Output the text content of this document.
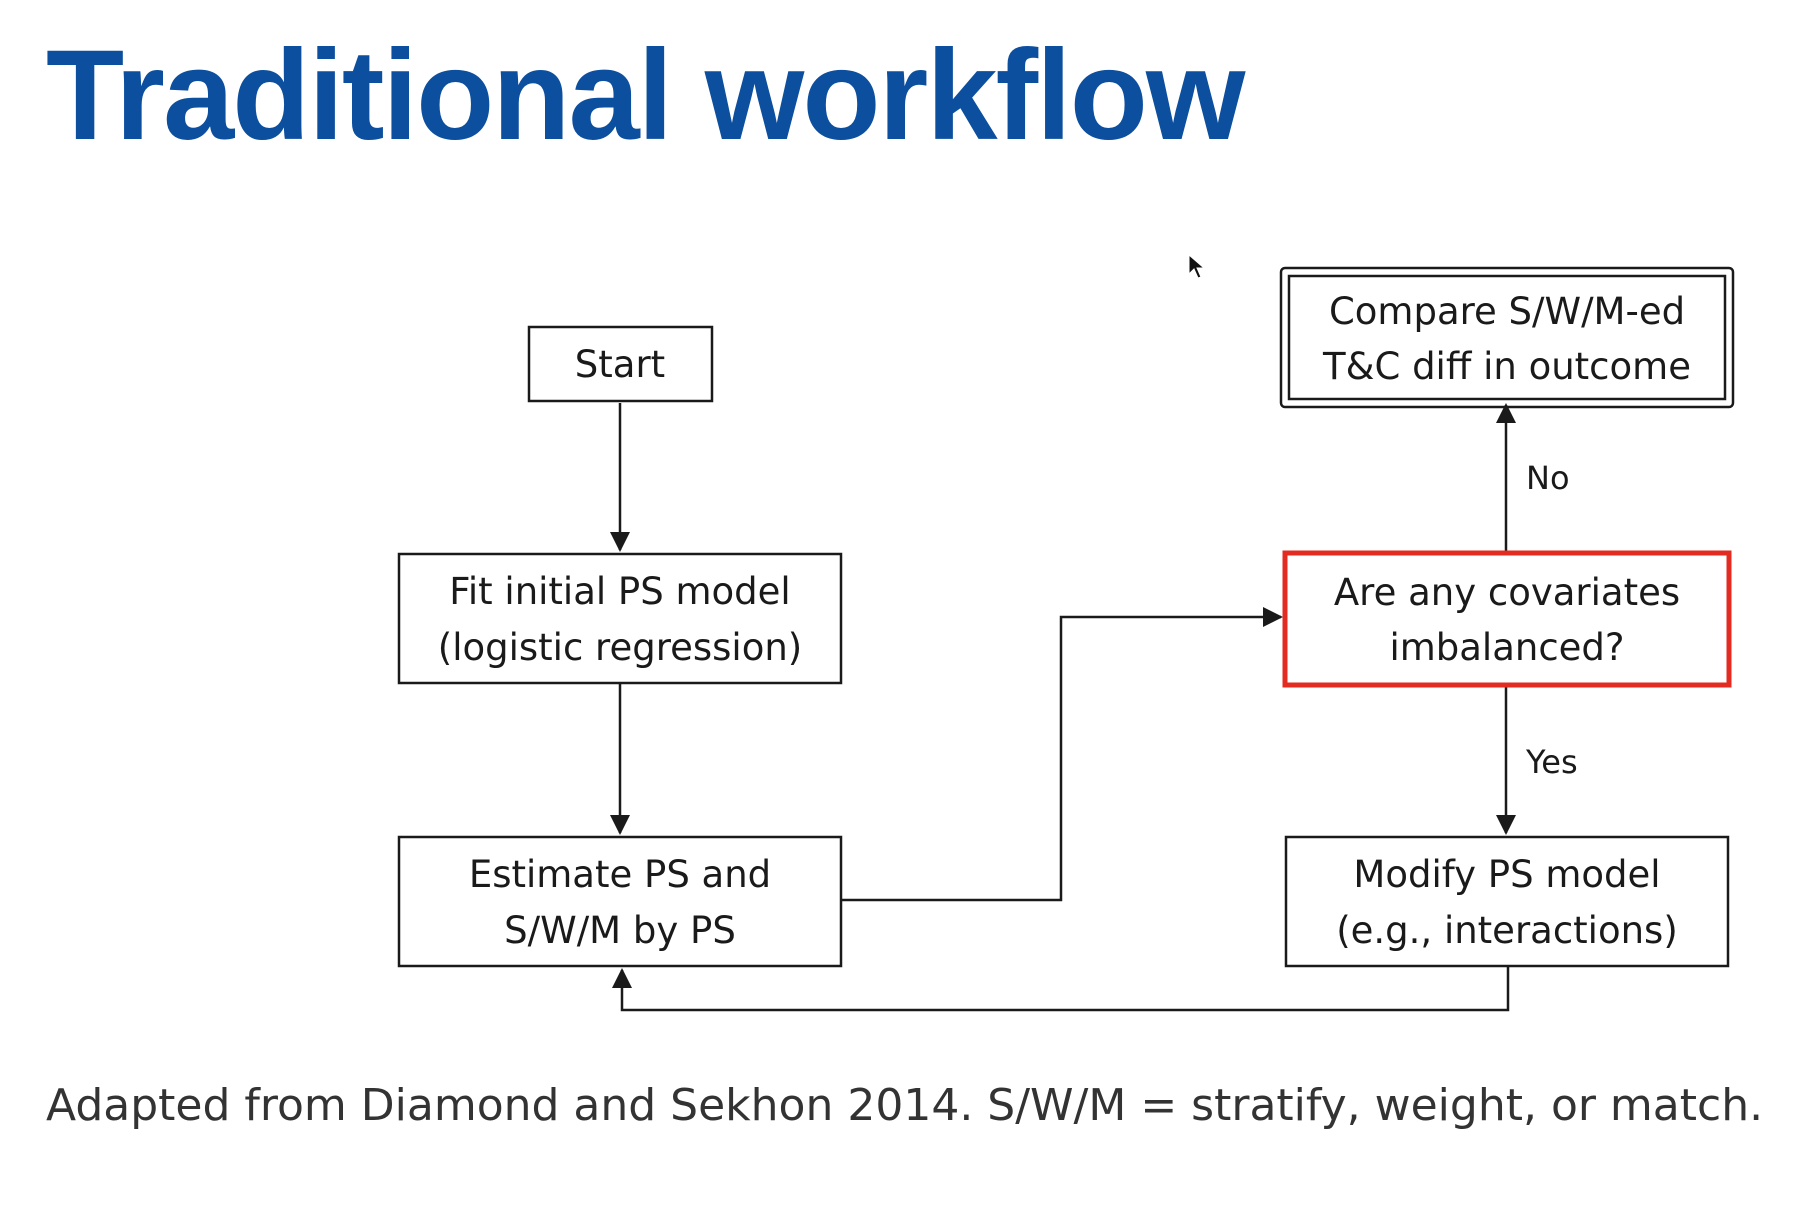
Traditional workflow
No
Yes
Start
Fit initial PS model
(logistic regression)
Estimate PS and
S/W/M by PS
Are any covariates
imbalanced?
Compare S/W/M-ed
T&C diff in outcome
Modify PS model
(e.g., interactions)

Adapted from Diamond and Sekhon 2014. S/W/M = stratify, weight, or match.
